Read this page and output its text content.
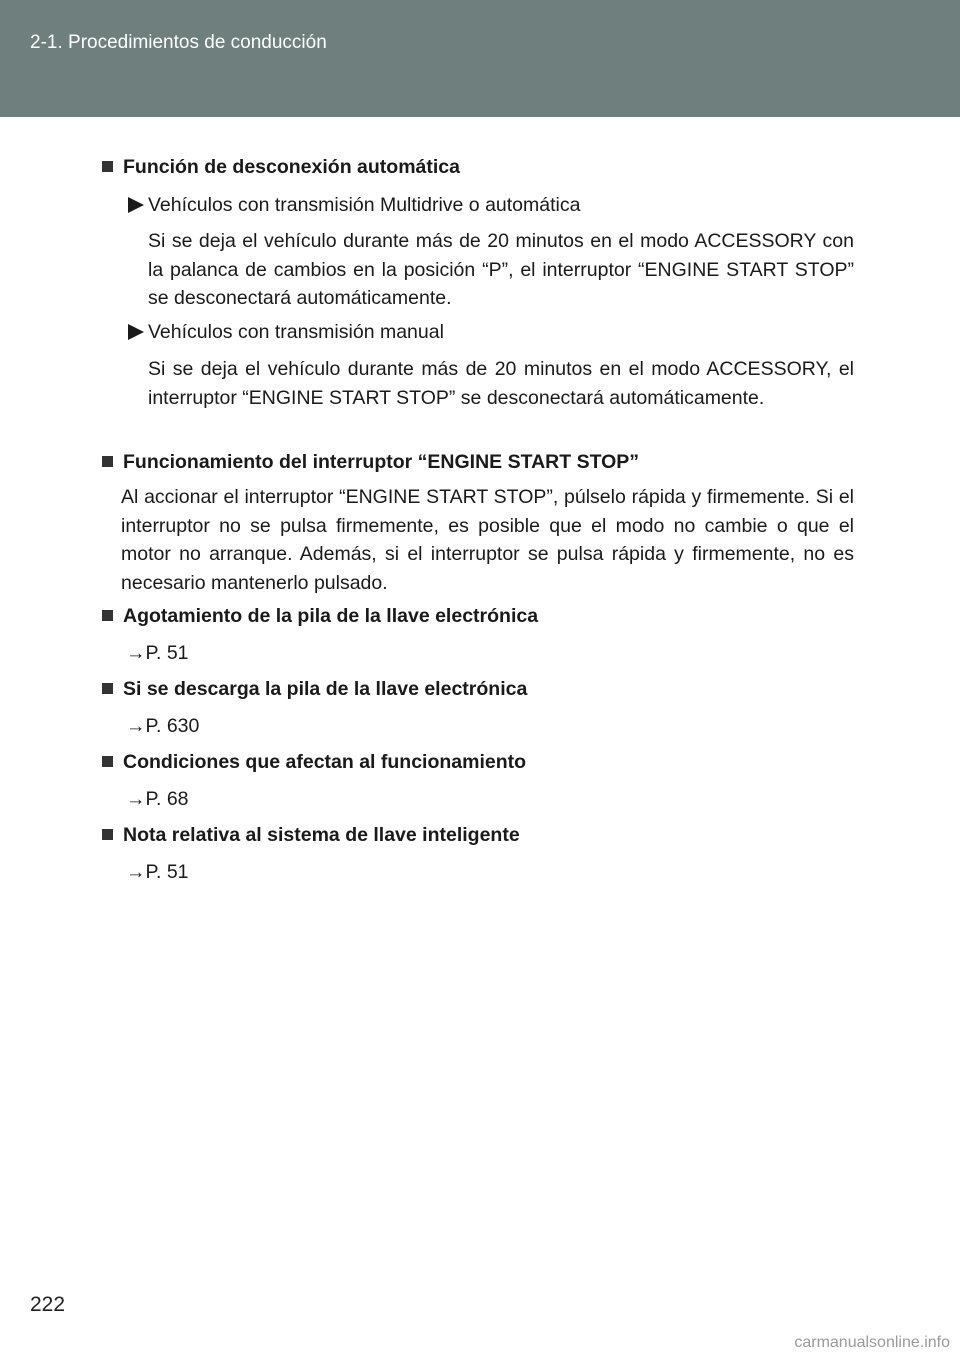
2-1. Procedimientos de conducción
Función de desconexión automática
Vehículos con transmisión Multidrive o automática
Si se deja el vehículo durante más de 20 minutos en el modo ACCESSORY con la palanca de cambios en la posición “P”, el interruptor “ENGINE START STOP” se desconectará automáticamente.
Vehículos con transmisión manual
Si se deja el vehículo durante más de 20 minutos en el modo ACCESSORY, el interruptor “ENGINE START STOP” se desconectará automáticamente.
Funcionamiento del interruptor “ENGINE START STOP”
Al accionar el interruptor “ENGINE START STOP”, púlselo rápida y firmemente. Si el interruptor no se pulsa firmemente, es posible que el modo no cambie o que el motor no arranque. Además, si el interruptor se pulsa rápida y firmemente, no es necesario mantenerlo pulsado.
Agotamiento de la pila de la llave electrónica
→P. 51
Si se descarga la pila de la llave electrónica
→P. 630
Condiciones que afectan al funcionamiento
→P. 68
Nota relativa al sistema de llave inteligente
→P. 51
222
carmanualsonline.info
